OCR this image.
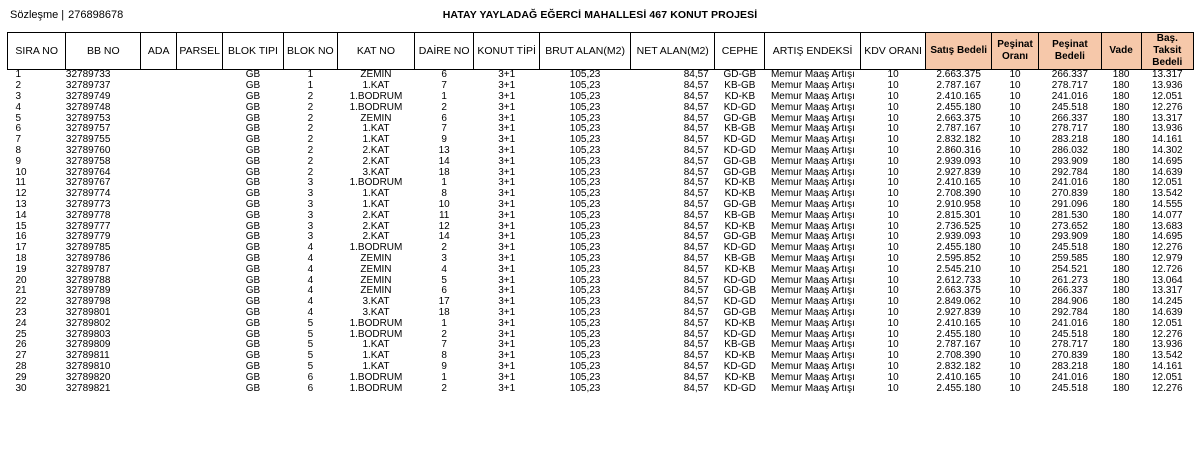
Sözleşme | 276898678	HATAY YAYLADAĞ EĞERCİ MAHALLESİ 467 KONUT PROJESİ
SIRA NO	BB NO	ADA	PARSEL	BLOK TIPI	BLOK NO	KAT NO	DAİRE NO	KONUT TİPİ	BRUT ALAN(M2)	NET ALAN(M2)	CEPHE	ARTIŞ ENDEKSİ	KDV ORANI	Satış Bedeli	Peşinat Oranı	Peşinat Bedeli	Vade	Baş. Taksit Bedeli
1	32789733			GB	1	ZEMİN	6	3+1	105,23	84,57	GD-GB	Memur Maaş Artışı	10	2.663.375	10	266.337	180	13.317
2	32789737			GB	1	1.KAT	7	3+1	105,23	84,57	KB-GB	Memur Maaş Artışı	10	2.787.167	10	278.717	180	13.936
3	32789749			GB	2	1.BODRUM	1	3+1	105,23	84,57	KD-KB	Memur Maaş Artışı	10	2.410.165	10	241.016	180	12.051
4	32789748			GB	2	1.BODRUM	2	3+1	105,23	84,57	KD-GD	Memur Maaş Artışı	10	2.455.180	10	245.518	180	12.276
5	32789753			GB	2	ZEMİN	6	3+1	105,23	84,57	GD-GB	Memur Maaş Artışı	10	2.663.375	10	266.337	180	13.317
6	32789757			GB	2	1.KAT	7	3+1	105,23	84,57	KB-GB	Memur Maaş Artışı	10	2.787.167	10	278.717	180	13.936
7	32789755			GB	2	1.KAT	9	3+1	105,23	84,57	KD-GD	Memur Maaş Artışı	10	2.832.182	10	283.218	180	14.161
8	32789760			GB	2	2.KAT	13	3+1	105,23	84,57	KD-GD	Memur Maaş Artışı	10	2.860.316	10	286.032	180	14.302
9	32789758			GB	2	2.KAT	14	3+1	105,23	84,57	GD-GB	Memur Maaş Artışı	10	2.939.093	10	293.909	180	14.695
10	32789764			GB	2	3.KAT	18	3+1	105,23	84,57	GD-GB	Memur Maaş Artışı	10	2.927.839	10	292.784	180	14.639
11	32789767			GB	3	1.BODRUM	1	3+1	105,23	84,57	KD-KB	Memur Maaş Artışı	10	2.410.165	10	241.016	180	12.051
12	32789774			GB	3	1.KAT	8	3+1	105,23	84,57	KD-KB	Memur Maaş Artışı	10	2.708.390	10	270.839	180	13.542
13	32789773			GB	3	1.KAT	10	3+1	105,23	84,57	GD-GB	Memur Maaş Artışı	10	2.910.958	10	291.096	180	14.555
14	32789778			GB	3	2.KAT	11	3+1	105,23	84,57	KB-GB	Memur Maaş Artışı	10	2.815.301	10	281.530	180	14.077
15	32789777			GB	3	2.KAT	12	3+1	105,23	84,57	KD-KB	Memur Maaş Artışı	10	2.736.525	10	273.652	180	13.683
16	32789779			GB	3	2.KAT	14	3+1	105,23	84,57	GD-GB	Memur Maaş Artışı	10	2.939.093	10	293.909	180	14.695
17	32789785			GB	4	1.BODRUM	2	3+1	105,23	84,57	KD-GD	Memur Maaş Artışı	10	2.455.180	10	245.518	180	12.276
18	32789786			GB	4	ZEMİN	3	3+1	105,23	84,57	KB-GB	Memur Maaş Artışı	10	2.595.852	10	259.585	180	12.979
19	32789787			GB	4	ZEMİN	4	3+1	105,23	84,57	KD-KB	Memur Maaş Artışı	10	2.545.210	10	254.521	180	12.726
20	32789788			GB	4	ZEMİN	5	3+1	105,23	84,57	KD-GD	Memur Maaş Artışı	10	2.612.733	10	261.273	180	13.064
21	32789789			GB	4	ZEMİN	6	3+1	105,23	84,57	GD-GB	Memur Maaş Artışı	10	2.663.375	10	266.337	180	13.317
22	32789798			GB	4	3.KAT	17	3+1	105,23	84,57	KD-GD	Memur Maaş Artışı	10	2.849.062	10	284.906	180	14.245
23	32789801			GB	4	3.KAT	18	3+1	105,23	84,57	GD-GB	Memur Maaş Artışı	10	2.927.839	10	292.784	180	14.639
24	32789802			GB	5	1.BODRUM	1	3+1	105,23	84,57	KD-KB	Memur Maaş Artışı	10	2.410.165	10	241.016	180	12.051
25	32789803			GB	5	1.BODRUM	2	3+1	105,23	84,57	KD-GD	Memur Maaş Artışı	10	2.455.180	10	245.518	180	12.276
26	32789809			GB	5	1.KAT	7	3+1	105,23	84,57	KB-GB	Memur Maaş Artışı	10	2.787.167	10	278.717	180	13.936
27	32789811			GB	5	1.KAT	8	3+1	105,23	84,57	KD-KB	Memur Maaş Artışı	10	2.708.390	10	270.839	180	13.542
28	32789810			GB	5	1.KAT	9	3+1	105,23	84,57	KD-GD	Memur Maaş Artışı	10	2.832.182	10	283.218	180	14.161
29	32789820			GB	6	1.BODRUM	1	3+1	105,23	84,57	KD-KB	Memur Maaş Artışı	10	2.410.165	10	241.016	180	12.051
30	32789821			GB	6	1.BODRUM	2	3+1	105,23	84,57	KD-GD	Memur Maaş Artışı	10	2.455.180	10	245.518	180	12.276
